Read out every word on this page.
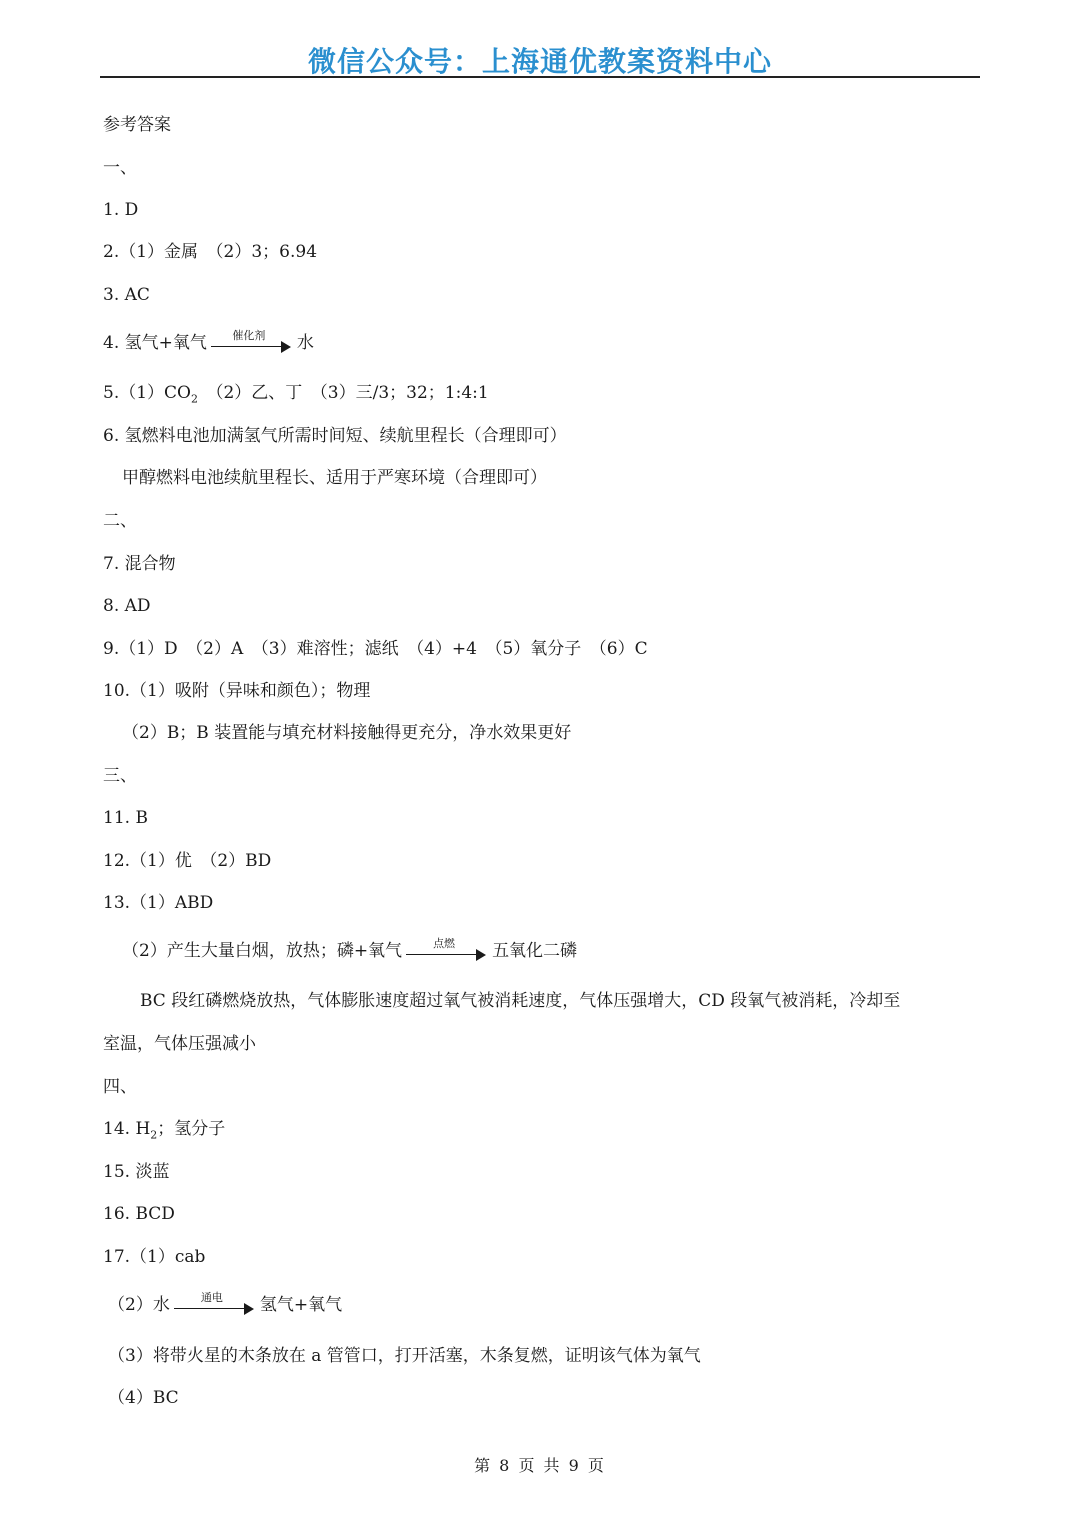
微信公众号：上海通优教案资料中心
参考答案
一、
1. D
2.（1）金属　（2）3；6.94
3. AC
4. 氢气+氧气	催化剂	水
$5.(1)CO_2$　（2）乙、丁　（3）三/3；32；1:4:1
6. 氢燃料电池加满氢气所需时间短、续航里程长（合理即可）
甲醇燃料电池续航里程长、适用于严寒环境（合理即可）
二、
7. 混合物
8. AD
9.（1）D　（2）A　（3）难溶性；滤纸　（4）+4　（5）氧分子　（6）C
10.（1）吸附（异味和颜色）；物理
（2）B；B 装置能与填充材料接触得更充分，净水效果更好
三、
11. B
12.（1）优　（2）BD
13.（1）ABD
（2）产生大量白烟，放热；磷+氧气	点燃	五氧化二磷
BC 段红磷燃烧放热，气体膨胀速度超过氧气被消耗速度，气体压强增大，CD 段氧气被消耗，冷却至
室温，气体压强减小
四、
14. $H_2$；氢分子
15. 淡蓝
16. BCD
17.（1）cab
（2）水	通电	氢气+氧气
（3）将带火星的木条放在 a 管管口，打开活塞，木条复燃，证明该气体为氧气
（4）BC
第 8 页 共 9 页
